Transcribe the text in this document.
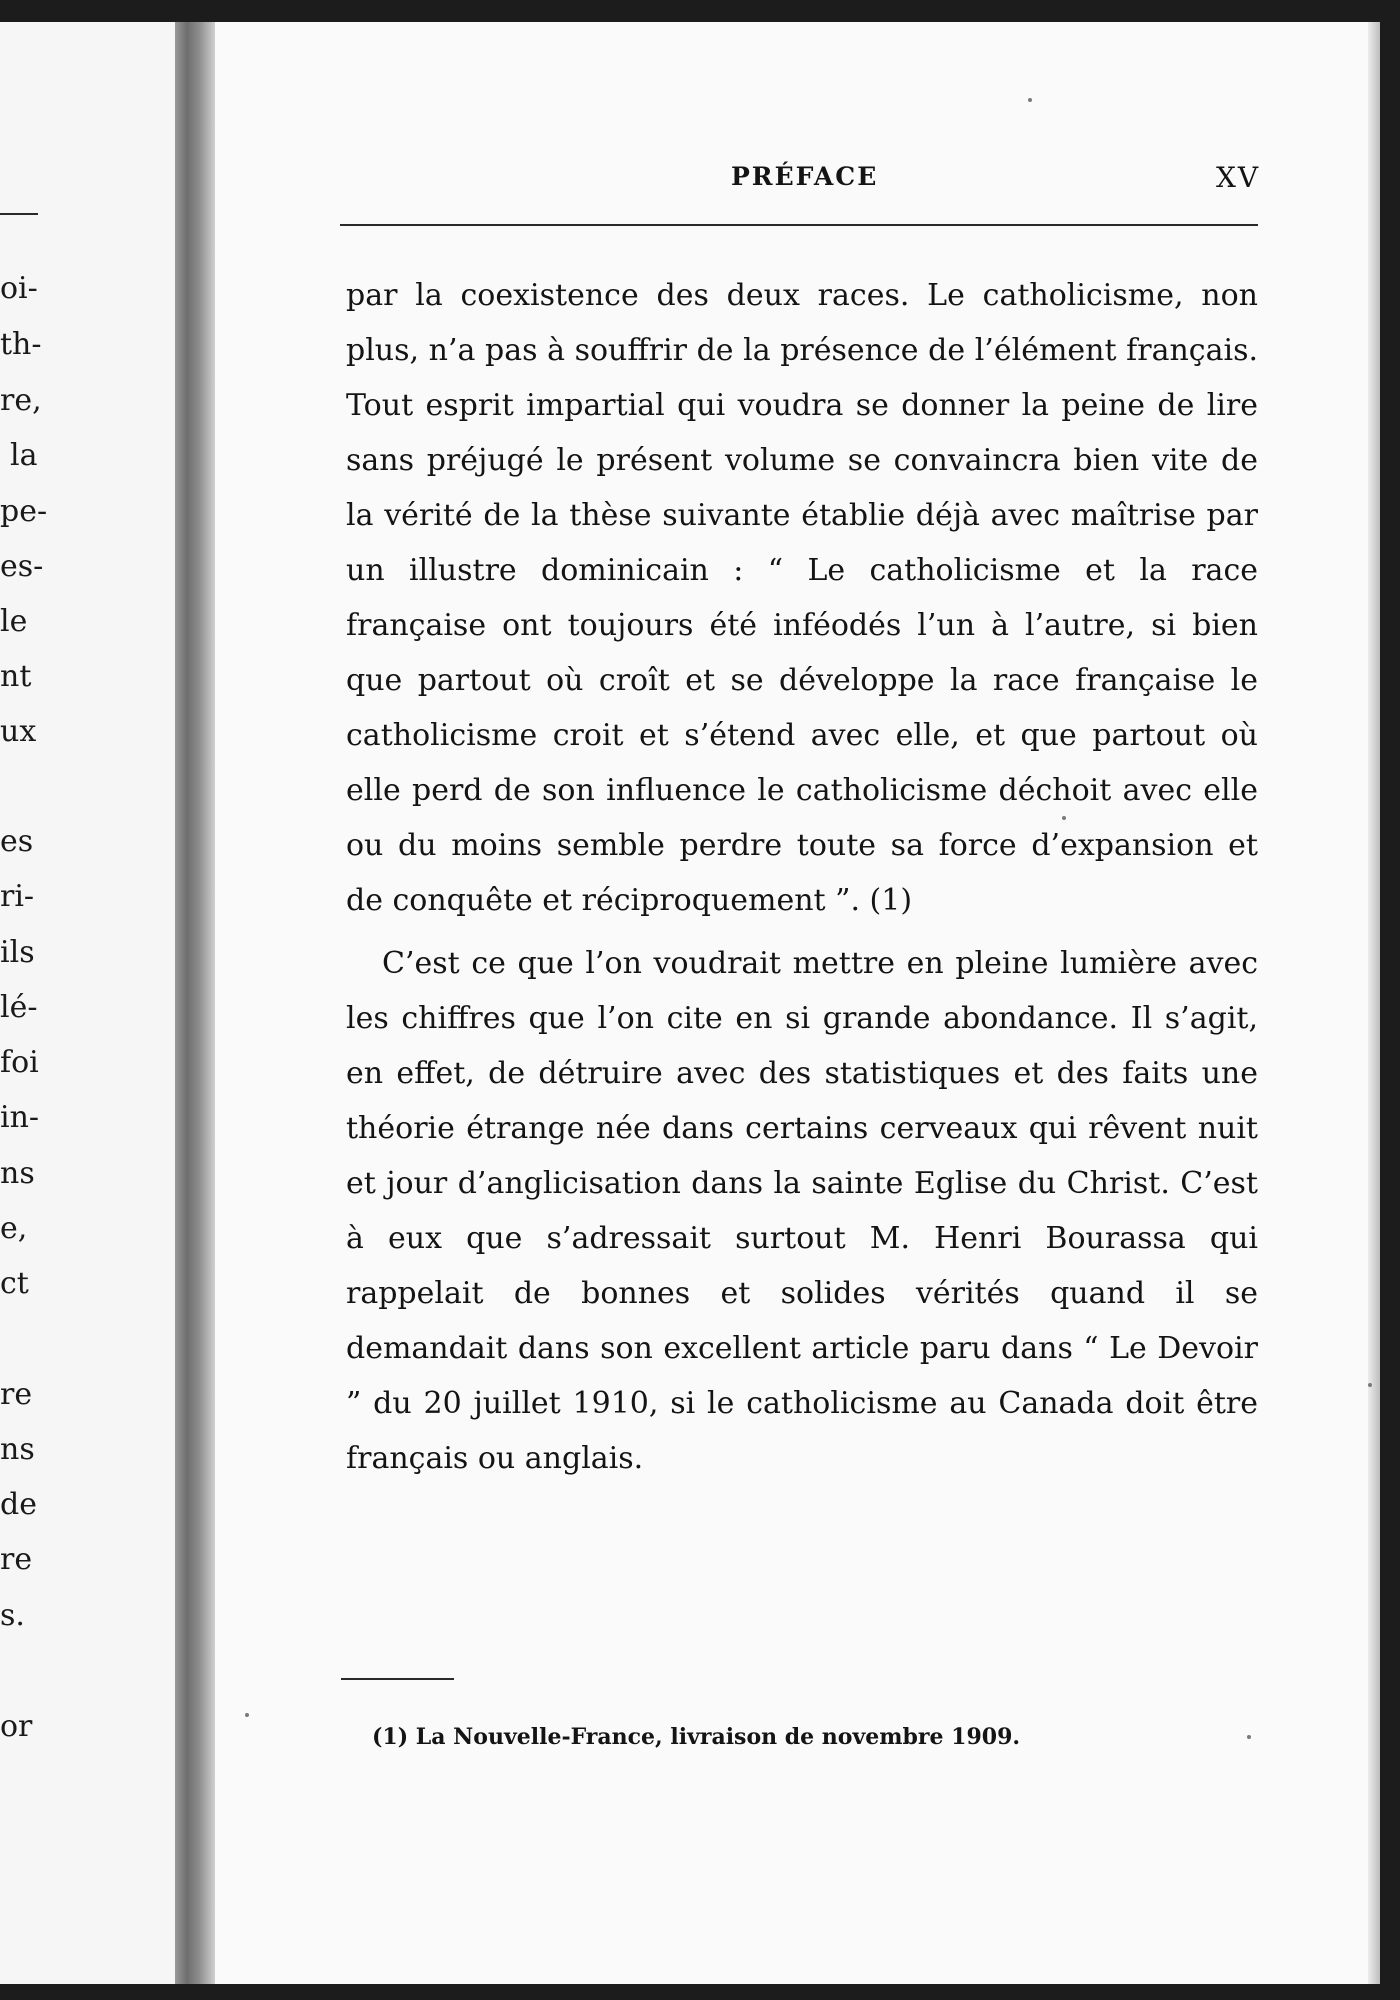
oi-
th-
re,
la
pe-
es-
le
nt
ux
es
ri-
ils
lé-
foi
in-
ns
e,
ct
re
ns
de
re
s.
or
PRÉFACE	XV

par la coexistence des deux races. Le catholicisme, non plus, n’a pas à souffrir de la présence de l’élément français. Tout esprit impartial qui voudra se donner la peine de lire sans préjugé le présent volume se convaincra bien vite de la vérité de la thèse suivante établie déjà avec maîtrise par un illustre dominicain : “ Le catholicisme et la race française ont toujours été inféodés l’un à l’autre, si bien que partout où croît et se développe la race française le catholicisme croit et s’étend avec elle, et que partout où elle perd de son influence le catholicisme déchoit avec elle ou du moins semble perdre toute sa force d’expansion et de conquête et réciproquement ”. (1)

C’est ce que l’on voudrait mettre en pleine lumière avec les chiffres que l’on cite en si grande abondance. Il s’agit, en effet, de détruire avec des statistiques et des faits une théorie étrange née dans certains cerveaux qui rêvent nuit et jour d’anglicisation dans la sainte Eglise du Christ. C’est à eux que s’adressait surtout M. Henri Bourassa qui rappelait de bonnes et solides vérités quand il se demandait dans son excellent article paru dans “ Le Devoir ” du 20 juillet 1910, si le catholicisme au Canada doit être français ou anglais.

(1) La Nouvelle-France, livraison de novembre 1909.
